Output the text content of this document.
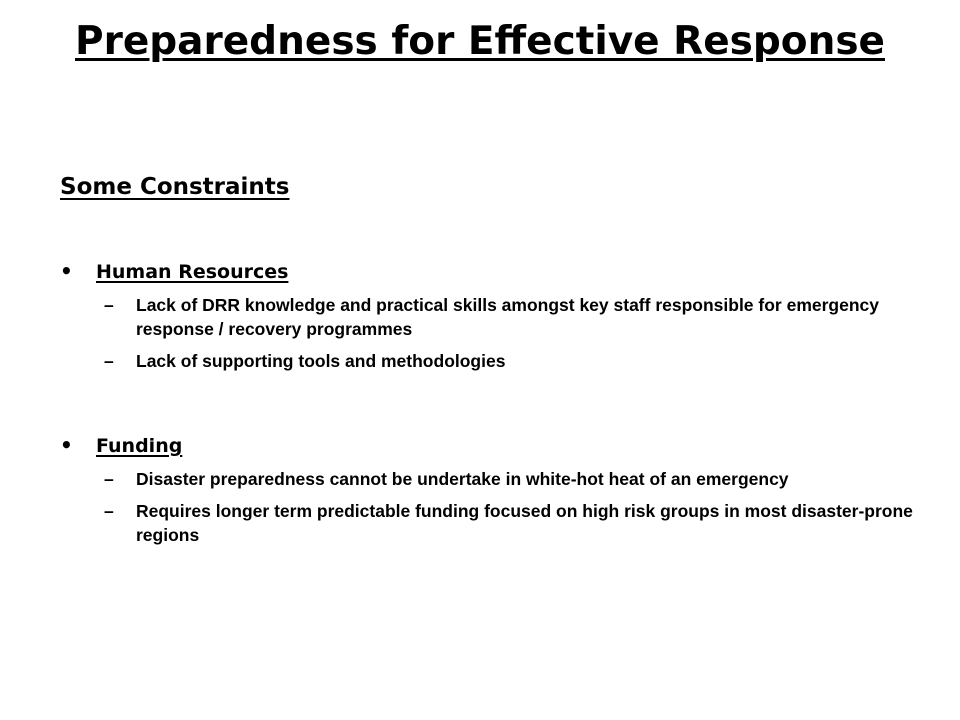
Preparedness for Effective Response
Some Constraints
•	Human Resources
–	Lack of DRR knowledge and practical skills amongst key staff responsible for emergency response / recovery programmes
–	Lack of supporting tools and methodologies
•	Funding
–	Disaster preparedness cannot be undertake in white-hot heat of an emergency
–	Requires longer term predictable funding focused on high risk groups in most disaster-prone regions
